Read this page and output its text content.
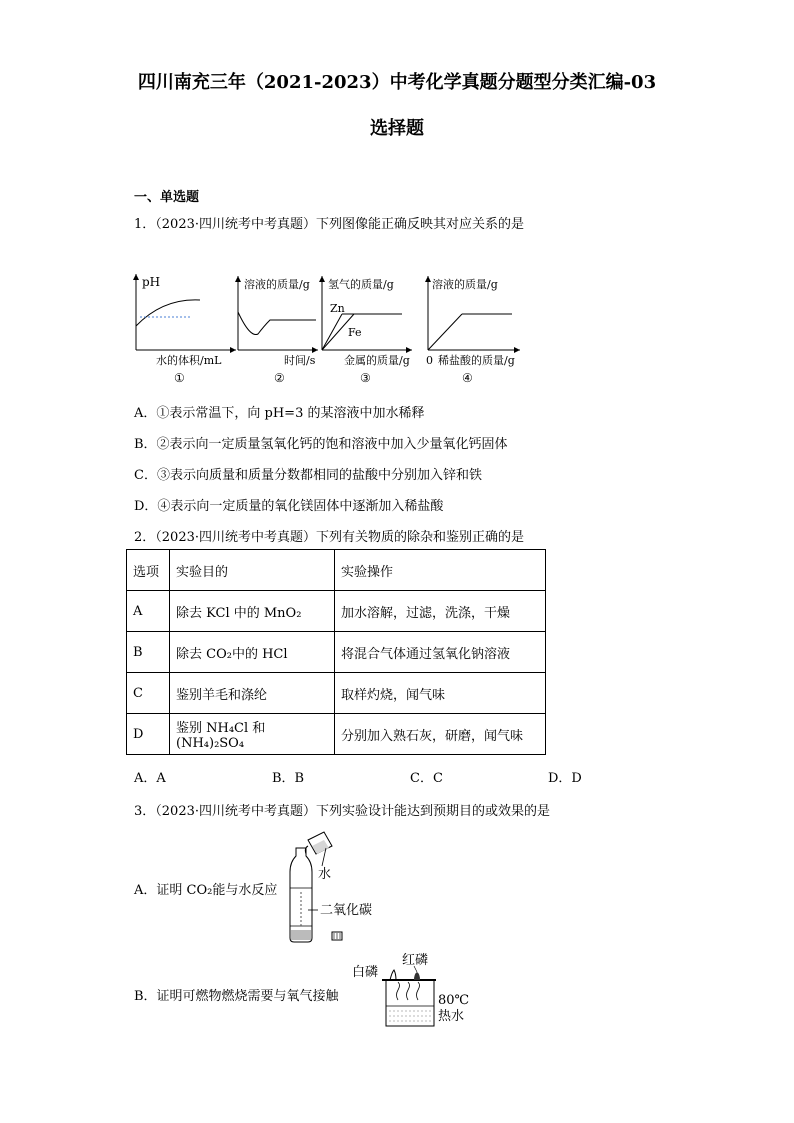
四川南充三年（2021-2023）中考化学真题分题型分类汇编-03
选择题
一、单选题
1．（2023·四川统考中考真题）下列图像能正确反映其对应关系的是
pH
水的体积/mL
①
溶液的质量/g
时间/s
②
氢气的质量/g
Zn
Fe
金属的质量/g
③
溶液的质量/g
0 稀盐酸的质量/g
④
A．①表示常温下，向 pH=3 的某溶液中加水稀释
B．②表示向一定质量氢氧化钙的饱和溶液中加入少量氧化钙固体
C．③表示向质量和质量分数都相同的盐酸中分别加入锌和铁
D．④表示向一定质量的氧化镁固体中逐渐加入稀盐酸
2．（2023·四川统考中考真题）下列有关物质的除杂和鉴别正确的是
选项	实验目的	实验操作
A	除去 KCl 中的 MnO₂	加水溶解，过滤，洗涤，干燥
B	除去 CO₂中的 HCl	将混合气体通过氢氧化钠溶液
C	鉴别羊毛和涤纶	取样灼烧，闻气味
D	鉴别 NH₄Cl 和(NH₄)₂SO₄	分别加入熟石灰，研磨，闻气味
A．A	B．B	C．C	D．D
3．（2023·四川统考中考真题）下列实验设计能达到预期目的或效果的是
A．证明 CO₂能与水反应
水
二氧化碳
B．证明可燃物燃烧需要与氧气接触
白磷
红磷
80℃
热水
